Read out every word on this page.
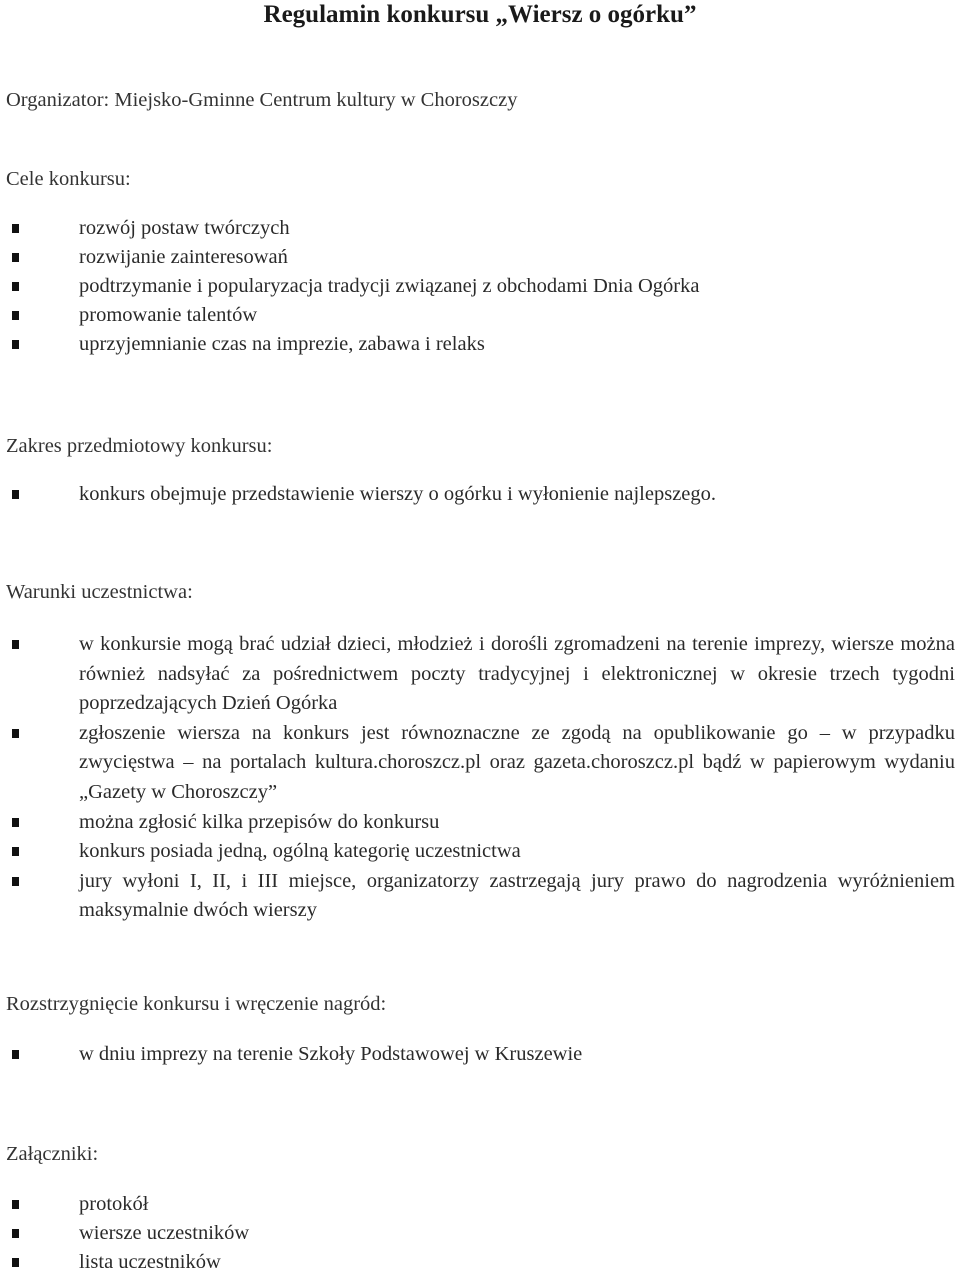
Regulamin konkursu „Wiersz o ogórku”
Organizator: Miejsko-Gminne Centrum kultury w Choroszczy
Cele konkursu:
rozwój postaw twórczych
rozwijanie zainteresowań
podtrzymanie i popularyzacja tradycji związanej z obchodami Dnia Ogórka
promowanie talentów
uprzyjemnianie czas na imprezie, zabawa i relaks
Zakres przedmiotowy konkursu:
konkurs obejmuje przedstawienie wierszy o ogórku i wyłonienie najlepszego.
Warunki uczestnictwa:
w konkursie mogą brać udział dzieci, młodzież i dorośli zgromadzeni na terenie imprezy, wiersze można również nadsyłać za pośrednictwem poczty tradycyjnej i elektronicznej w okresie trzech tygodni poprzedzających Dzień Ogórka
zgłoszenie wiersza na konkurs jest równoznaczne ze zgodą na opublikowanie go – w przypadku zwycięstwa – na portalach kultura.choroszcz.pl oraz gazeta.choroszcz.pl bądź w papierowym wydaniu „Gazety w Choroszczy”
można zgłosić kilka przepisów do konkursu
konkurs posiada jedną, ogólną kategorię uczestnictwa
jury wyłoni I, II, i III miejsce, organizatorzy zastrzegają jury prawo do nagrodzenia wyróżnieniem maksymalnie dwóch wierszy
Rozstrzygnięcie konkursu i wręczenie nagród:
w dniu imprezy na terenie Szkoły Podstawowej w Kruszewie
Załączniki:
protokół
wiersze uczestników
lista uczestników
